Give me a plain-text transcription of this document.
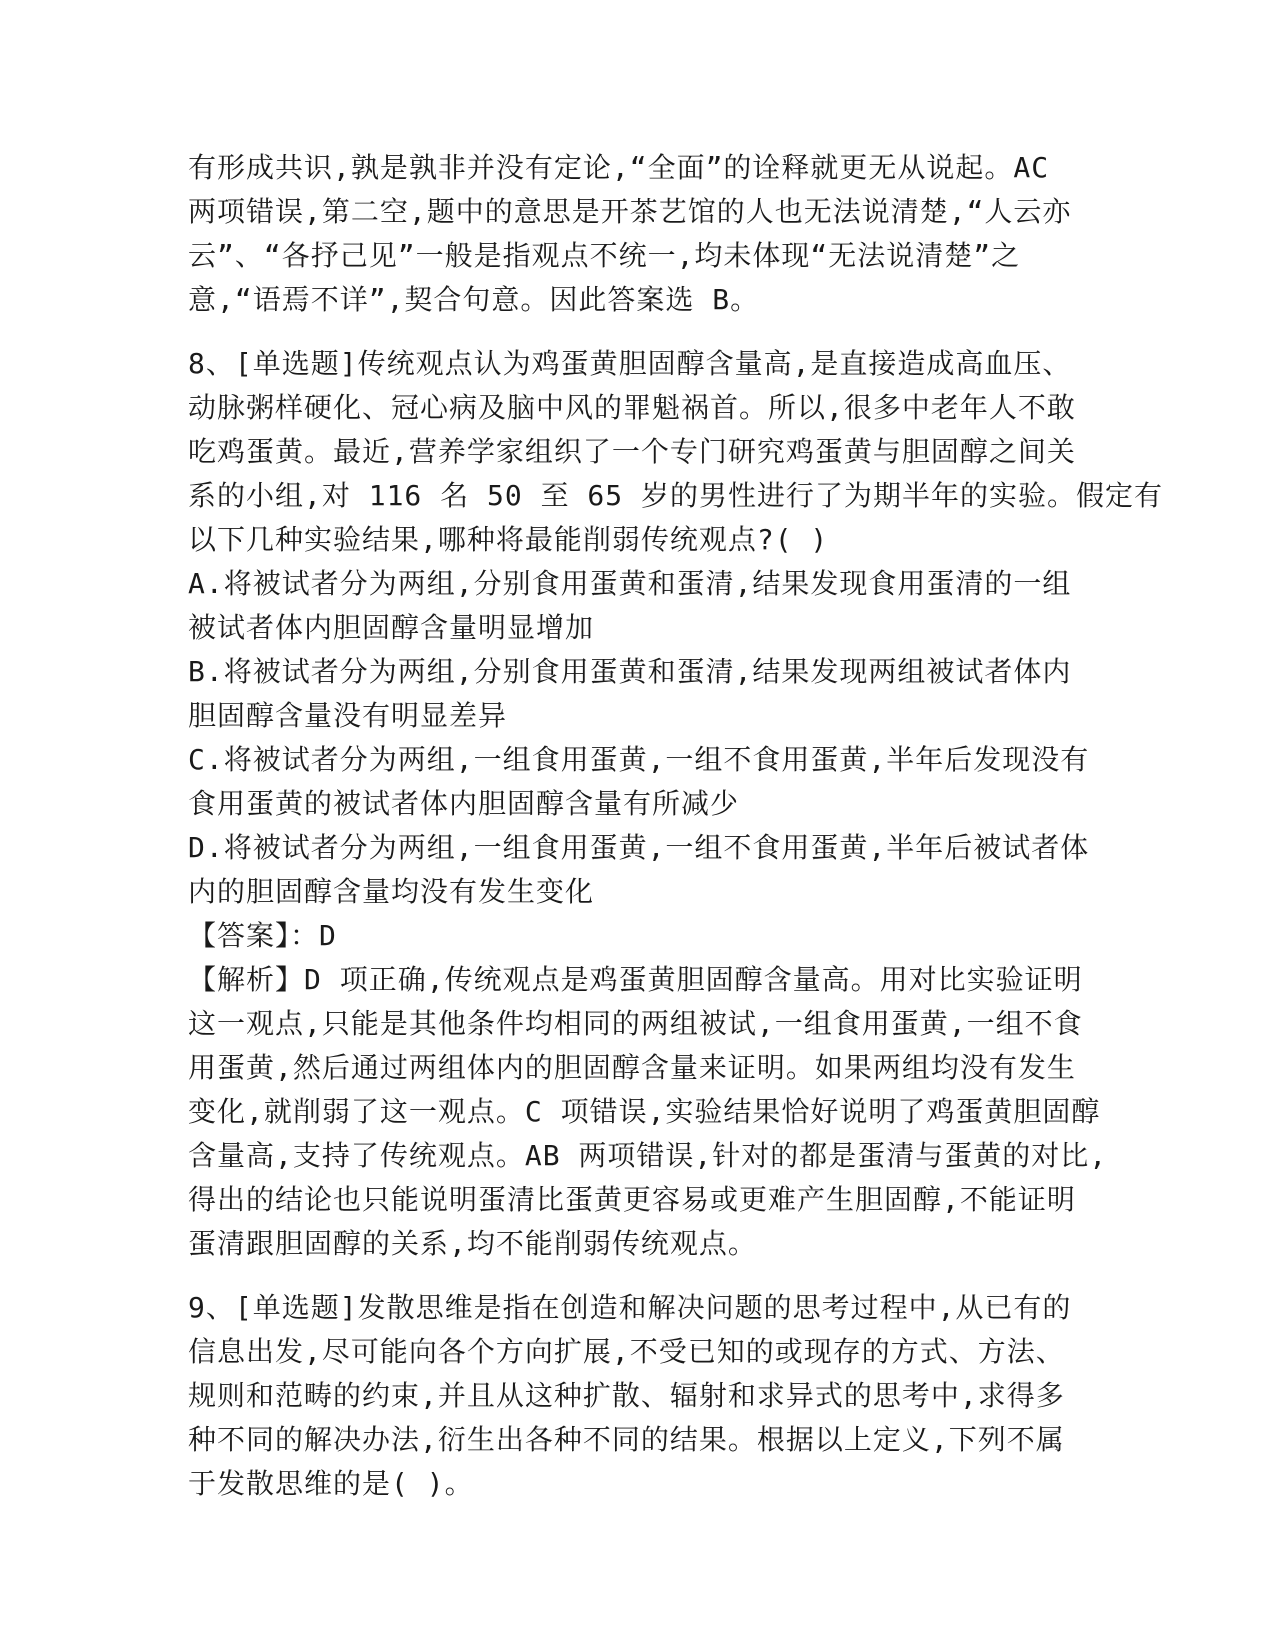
有形成共识,孰是孰非并没有定论,“全面”的诠释就更无从说起。AC

两项错误,第二空,题中的意思是开茶艺馆的人也无法说清楚,“人云亦

云”、“各抒己见”一般是指观点不统一,均未体现“无法说清楚”之

意,“语焉不详”,契合句意。因此答案选 B。

8、[单选题]传统观点认为鸡蛋黄胆固醇含量高,是直接造成高血压、

动脉粥样硬化、冠心病及脑中风的罪魁祸首。所以,很多中老年人不敢

吃鸡蛋黄。最近,营养学家组织了一个专门研究鸡蛋黄与胆固醇之间关

系的小组,对 116 名 50 至 65 岁的男性进行了为期半年的实验。假定有

以下几种实验结果,哪种将最能削弱传统观点?( )

A.将被试者分为两组,分别食用蛋黄和蛋清,结果发现食用蛋清的一组

被试者体内胆固醇含量明显增加

B.将被试者分为两组,分别食用蛋黄和蛋清,结果发现两组被试者体内

胆固醇含量没有明显差异

C.将被试者分为两组,一组食用蛋黄,一组不食用蛋黄,半年后发现没有

食用蛋黄的被试者体内胆固醇含量有所减少

D.将被试者分为两组,一组食用蛋黄,一组不食用蛋黄,半年后被试者体

内的胆固醇含量均没有发生变化

【答案】：D

【解析】D 项正确,传统观点是鸡蛋黄胆固醇含量高。用对比实验证明

这一观点,只能是其他条件均相同的两组被试,一组食用蛋黄,一组不食

用蛋黄,然后通过两组体内的胆固醇含量来证明。如果两组均没有发生

变化,就削弱了这一观点。C 项错误,实验结果恰好说明了鸡蛋黄胆固醇

含量高,支持了传统观点。AB 两项错误,针对的都是蛋清与蛋黄的对比,

得出的结论也只能说明蛋清比蛋黄更容易或更难产生胆固醇,不能证明

蛋清跟胆固醇的关系,均不能削弱传统观点。

9、[单选题]发散思维是指在创造和解决问题的思考过程中,从已有的

信息出发,尽可能向各个方向扩展,不受已知的或现存的方式、方法、

规则和范畴的约束,并且从这种扩散、辐射和求异式的思考中,求得多

种不同的解决办法,衍生出各种不同的结果。根据以上定义,下列不属

于发散思维的是( )。
